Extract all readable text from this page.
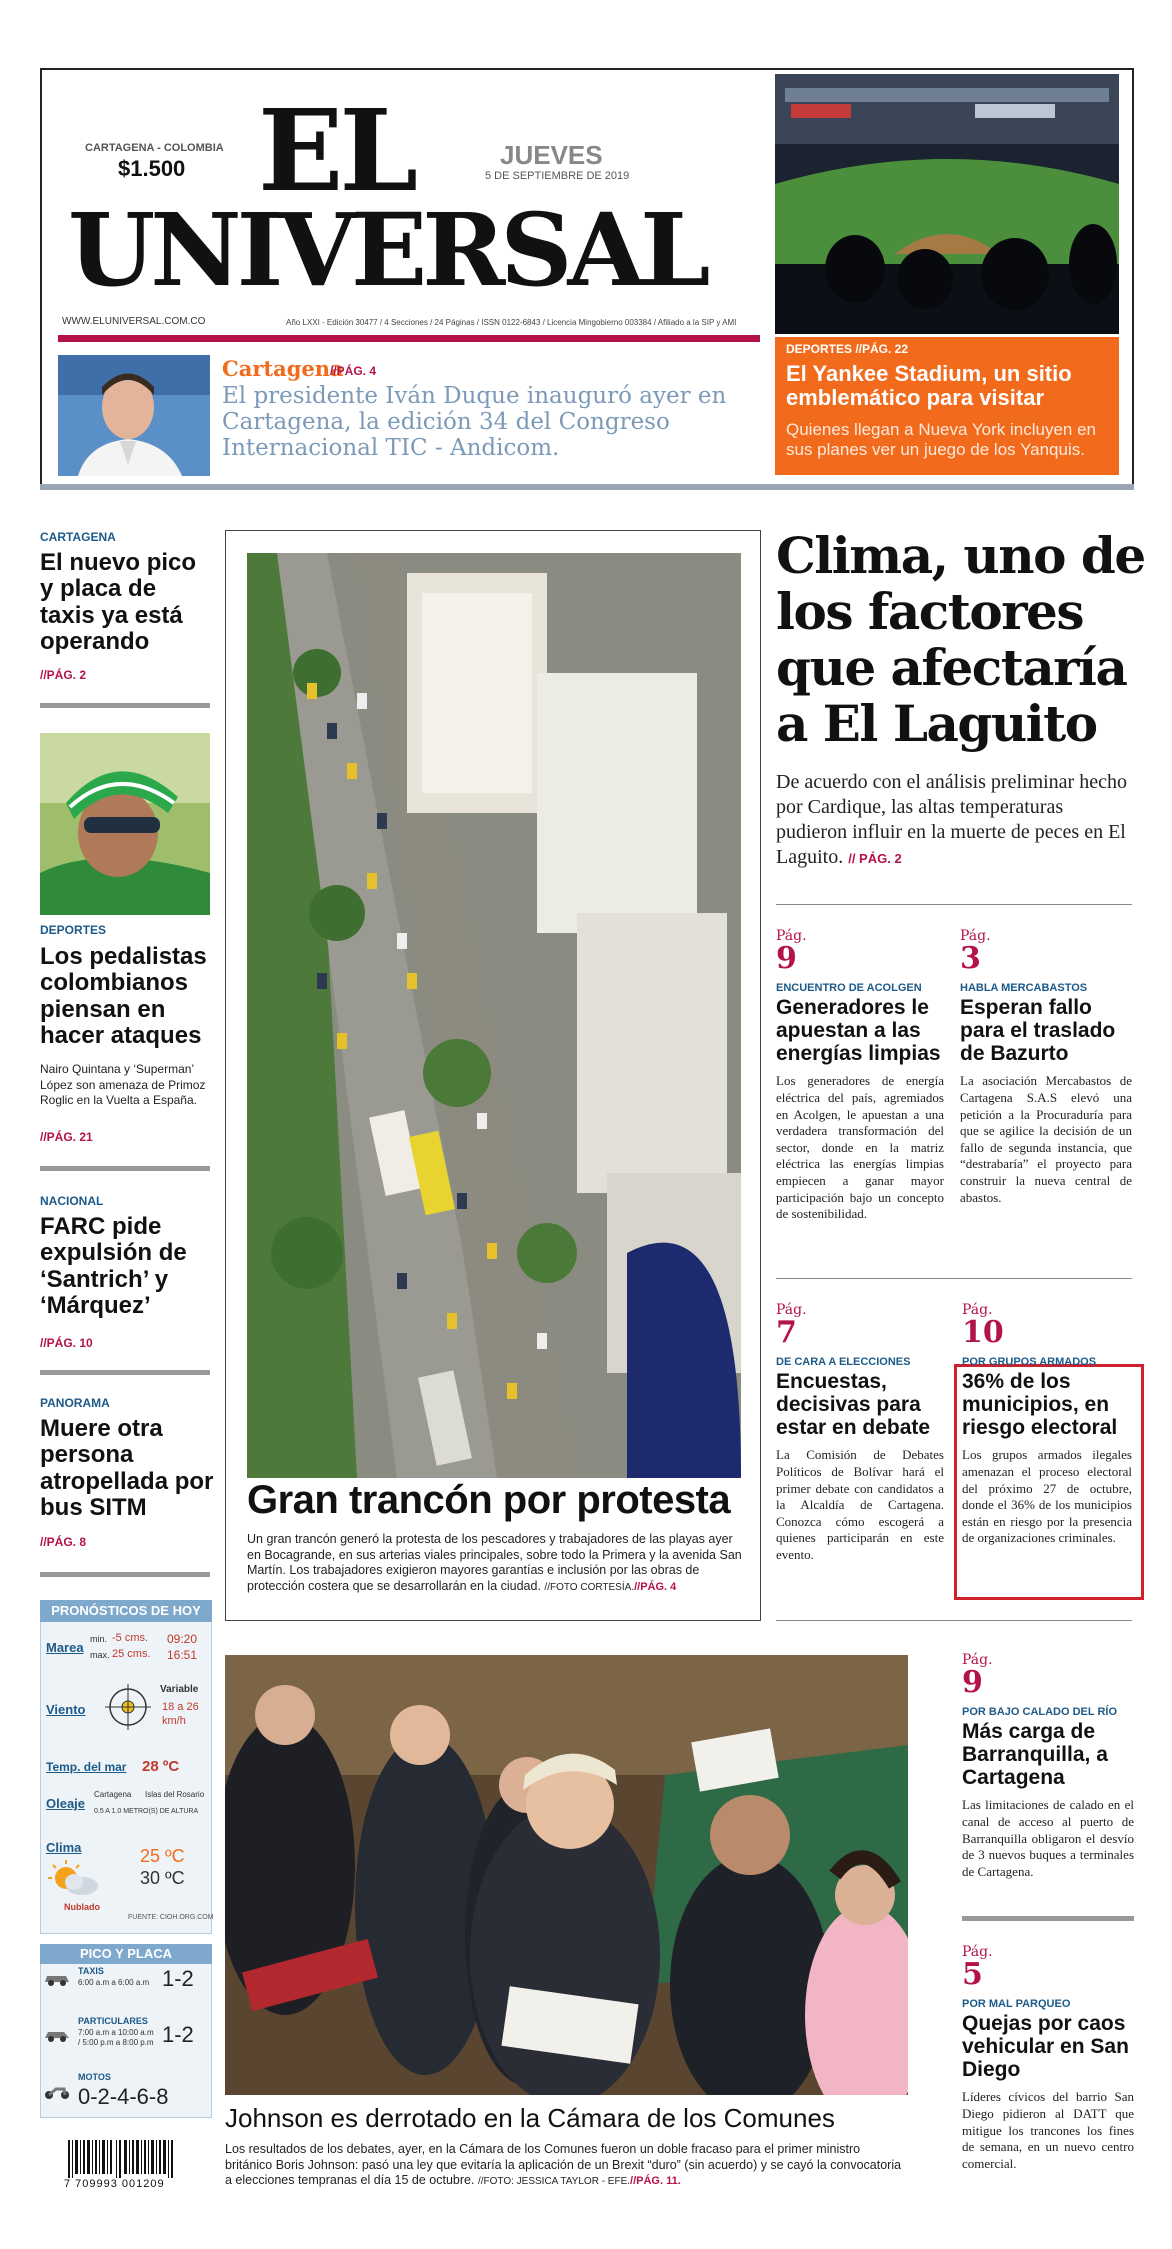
CARTAGENA - COLOMBIA
$1.500 EL
UNIVERSAL
JUEVES
5 DE SEPTIEMBRE DE 2019
WWW.ELUNIVERSAL.COM.CO	Año LXXI - Edición 30477 / 4 Secciones / 24 Páginas / ISSN 0122-6843 / Licencia Mingobierno 003384 / Afiliado a la SIP y AMI
Cartagena
//PÁG. 4
El presidente Iván Duque inauguró ayer en Cartagena, la edición 34 del Congreso Internacional TIC - Andicom.
DEPORTES //PÁG. 22
El Yankee Stadium, un sitio emblemático para visitar
Quienes llegan a Nueva York incluyen en sus planes ver un juego de los Yanquis.
CARTAGENA
El nuevo pico y placa de taxis ya está operando
//PÁG. 2
DEPORTES
Los pedalistas colombianos piensan en hacer ataques
Nairo Quintana y ‘Superman’ López son amenaza de Primoz Roglic en la Vuelta a España.
//PÁG. 21
NACIONAL
FARC pide expulsión de ‘Santrich’ y ‘Márquez’
//PÁG. 10
PANORAMA
Muere otra persona atropellada por bus SITM
//PÁG. 8
PRONÓSTICOS DE HOY
Marea
min. -5 cms. 09:20
max. 25 cms. 16:51
Viento
Variable
18 a 26 km/h
Temp. del mar 28 ºC
Oleaje
Cartagena Islas del Rosario
0.5 A 1.0 METRO(S) DE ALTURA
Clima
Nublado
25 ºC
30 ºC
FUENTE: CIOH.ORG.COM
PICO Y PLACA
TAXIS
6:00 a.m a 6:00 a.m 1-2
PARTICULARES
7:00 a.m a 10:00 a.m / 5:00 p.m a 8:00 p.m 1-2
MOTOS
0-2-4-6-8
7 709993 001209
Gran trancón por protesta
Un gran trancón generó la protesta de los pescadores y trabajadores de las playas ayer en Bocagrande, en sus arterias viales principales, sobre todo la Primera y la avenida San Martín. Los trabajadores exigieron mayores garantías e inclusión por las obras de protección costera que se desarrollarán en la ciudad. //FOTO CORTESÍA.//PÁG. 4
Clima, uno de los factores que afectaría a El Laguito
De acuerdo con el análisis preliminar hecho por Cardique, las altas temperaturas pudieron influir en la muerte de peces en El Laguito. // PÁG. 2
Pág.
9
ENCUENTRO DE ACOLGEN
Generadores le apuestan a las energías limpias
Los generadores de energía eléctrica del país, agremiados en Acolgen, le apuestan a una verdadera transformación del sector, donde en la matriz eléctrica las energías limpias empiecen a ganar mayor participación bajo un concepto de sostenibilidad.
Pág.
3
HABLA MERCABASTOS
Esperan fallo para el traslado de Bazurto
La asociación Mercabastos de Cartagena S.A.S elevó una petición a la Procuraduría para que se agilice la decisión de un fallo de segunda instancia, que “destrabaría” el proyecto para construir la nueva central de abastos.
Pág.
7
DE CARA A ELECCIONES
Encuestas, decisivas para estar en debate
La Comisión de Debates Políticos de Bolívar hará el primer debate con candidatos a la Alcaldía de Cartagena. Conozca cómo escogerá a quienes participarán en este evento.
Pág.
10
POR GRUPOS ARMADOS
36% de los municipios, en riesgo electoral
Los grupos armados ilegales amenazan el proceso electoral del próximo 27 de octubre, donde el 36% de los municipios están en riesgo por la presencia de organizaciones criminales.
Johnson es derrotado en la Cámara de los Comunes
Los resultados de los debates, ayer, en la Cámara de los Comunes fueron un doble fracaso para el primer ministro británico Boris Johnson: pasó una ley que evitaría la aplicación de un Brexit “duro” (sin acuerdo) y se cayó la convocatoria a elecciones tempranas el día 15 de octubre. //FOTO: JESSICA TAYLOR - EFE.//PÁG. 11.
Pág.
9
POR BAJO CALADO DEL RÍO
Más carga de Barranquilla, a Cartagena
Las limitaciones de calado en el canal de acceso al puerto de Barranquilla obligaron el desvío de 3 nuevos buques a terminales de Cartagena.
Pág.
5
POR MAL PARQUEO
Quejas por caos vehicular en San Diego
Líderes cívicos del barrio San Diego pidieron al DATT que mitigue los trancones los fines de semana, en un nuevo centro comercial.
